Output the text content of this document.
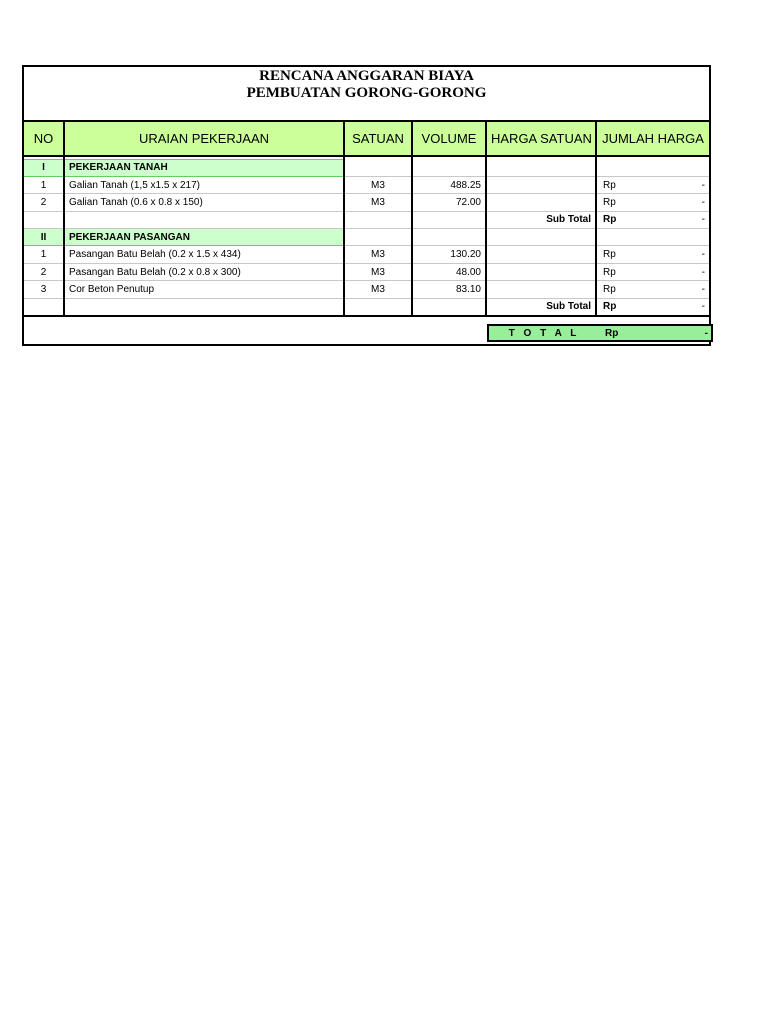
RENCANA ANGGARAN BIAYA
PEMBUATAN GORONG-GORONG
NO	URAIAN PEKERJAAN	SATUAN	VOLUME	HARGA SATUAN	JUMLAH HARGA

I	PEKERJAAN TANAH				
1	Galian Tanah (1,5 x1.5 x 217)	M3	488.25		Rp -

2	Galian Tanah (0.6 x 0.8 x 150)	M3	72.00		Rp -

				Sub Total	Rp -

II	PEKERJAAN PASANGAN				
1	Pasangan Batu Belah (0.2 x 1.5 x 434)	M3	130.20		Rp -

2	Pasangan Batu Belah (0.2 x 0.8 x 300)	M3	48.00		Rp -

3	Cor Beton Penutup	M3	83.10		Rp -

				Sub Total	Rp -
T O T A L	Rp	-
